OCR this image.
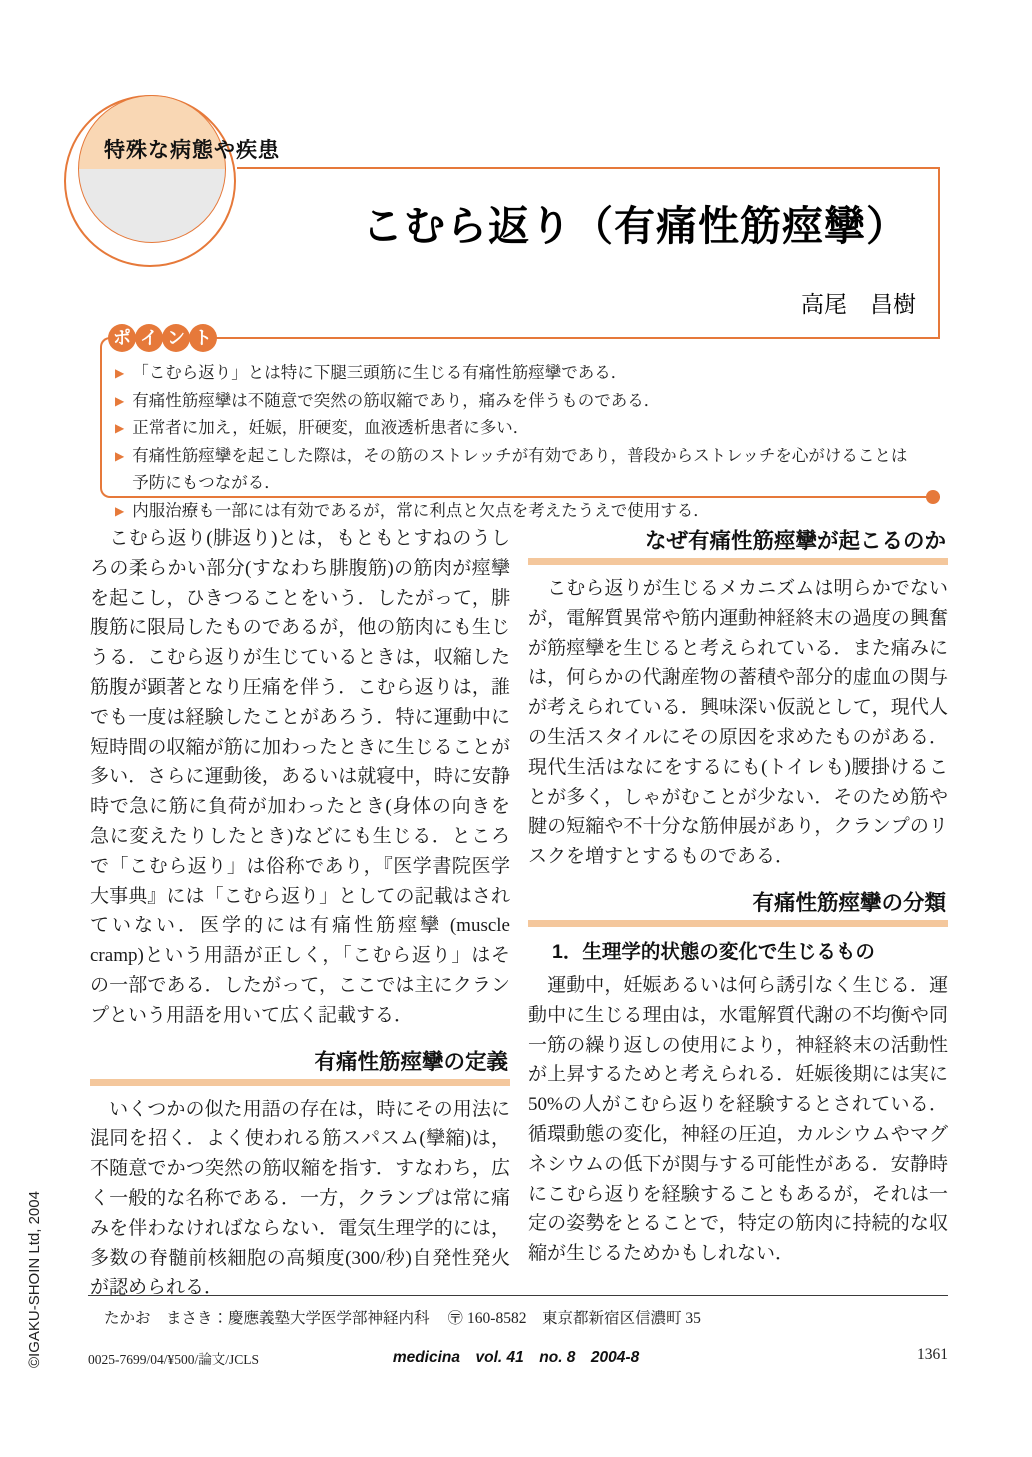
特殊な病態や疾患
こむら返り（有痛性筋痙攣）
高尾　昌樹
ポ イ ン ト
▶ 「こむら返り」とは特に下腿三頭筋に生じる有痛性筋痙攣である．
▶ 有痛性筋痙攣は不随意で突然の筋収縮であり，痛みを伴うものである．
▶ 正常者に加え，妊娠，肝硬変，血液透析患者に多い．
▶ 有痛性筋痙攣を起こした際は，その筋のストレッチが有効であり，普段からストレッチを心がけることは予防にもつながる．
▶ 内服治療も一部には有効であるが，常に利点と欠点を考えたうえで使用する．

　こむら返り(腓返り)とは，もともとすねのうしろの柔らかい部分(すなわち腓腹筋)の筋肉が痙攣を起こし，ひきつることをいう．したがって，腓腹筋に限局したものであるが，他の筋肉にも生じうる．こむら返りが生じているときは，収縮した筋腹が顕著となり圧痛を伴う．こむら返りは，誰でも一度は経験したことがあろう．特に運動中に短時間の収縮が筋に加わったときに生じることが多い．さらに運動後，あるいは就寝中，時に安静時で急に筋に負荷が加わったとき(身体の向きを急に変えたりしたとき)などにも生じる．ところで「こむら返り」は俗称であり，『医学書院医学大事典』には「こむら返り」としての記載はされていない．医学的には有痛性筋痙攣 (muscle cramp)という用語が正しく，「こむら返り」はその一部である．したがって，ここでは主にクランプという用語を用いて広く記載する．

有痛性筋痙攣の定義

　いくつかの似た用語の存在は，時にその用法に混同を招く．よく使われる筋スパスム(攣縮)は，不随意でかつ突然の筋収縮を指す．すなわち，広く一般的な名称である．一方，クランプは常に痛みを伴わなければならない．電気生理学的には，多数の脊髄前核細胞の高頻度(300/秒)自発性発火が認められる．

なぜ有痛性筋痙攣が起こるのか

　こむら返りが生じるメカニズムは明らかでないが，電解質異常や筋内運動神経終末の過度の興奮が筋痙攣を生じると考えられている．また痛みには，何らかの代謝産物の蓄積や部分的虚血の関与が考えられている．興味深い仮説として，現代人の生活スタイルにその原因を求めたものがある．現代生活はなにをするにも(トイレも)腰掛けることが多く，しゃがむことが少ない．そのため筋や腱の短縮や不十分な筋伸展があり，クランプのリスクを増すとするものである．

有痛性筋痙攣の分類
1．生理学的状態の変化で生じるもの

　運動中，妊娠あるいは何ら誘引なく生じる．運動中に生じる理由は，水電解質代謝の不均衡や同一筋の繰り返しの使用により，神経終末の活動性が上昇するためと考えられる．妊娠後期には実に50%の人がこむら返りを経験するとされている．循環動態の変化，神経の圧迫，カルシウムやマグネシウムの低下が関与する可能性がある．安静時にこむら返りを経験することもあるが，それは一定の姿勢をとることで，特定の筋肉に持続的な収縮が生じるためかもしれない．

たかお　まさき：慶應義塾大学医学部神経内科 〶 160-8582　東京都新宿区信濃町 35
0025-7699/04/¥500/論文/JCLS	medicina　vol. 41　no. 8　2004-8	1361
©IGAKU-SHOIN Ltd, 2004
